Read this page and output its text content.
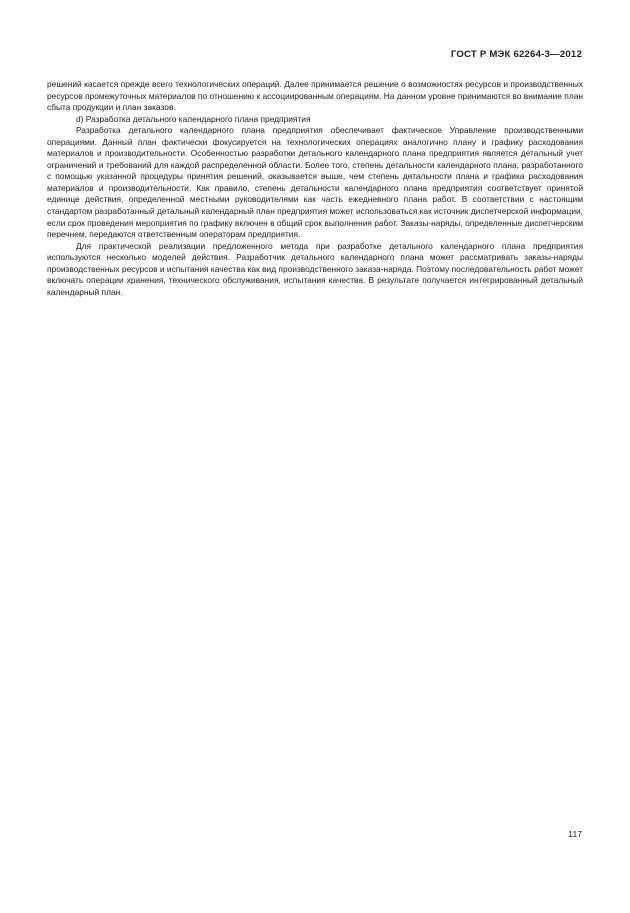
ГОСТ Р МЭК 62264-3—2012

решений касается прежде всего технологических операций. Далее принимается решение о возможностях ресурсов и производственных ресурсов промежуточных материалов по отношению к ассоциированным операциям. На данном уровне принимаются во внимание план сбыта продукции и план заказов.

d) Разработка детального календарного плана предприятия

Разработка детального календарного плана предприятия обеспечивает фактическое Управление производственными операциями. Данный план фактически фокусируется на технологических операциях аналогично плану и графику расходования материалов и производительности. Особенностью разработки детального календарного плана предприятия является детальный учет ограничений и требований для каждой распределенной области. Более того, степень детальности календарного плана, разработанного с помощью указанной процедуры принятия решений, оказывается выше, чем степень детальности плана и графика расходования материалов и производительности. Как правило, степень детальности календарного плана предприятия соответствует принятой единице действия, определенной местными руководителями как часть ежедневного плана работ. В соответствии с настоящим стандартом разработанный детальный календарный план предприятия может использоваться как источник диспетчерской информации, если срок проведения мероприятия по графику включен в общий срок выполнения работ. Заказы-наряды, определенные диспетчерским перечнем, передаются ответственным операторам предприятия.

Для практической реализации предложенного метода при разработке детального календарного плана предприятия используются несколько моделей действия. Разработчик детального календарного плана может рассматривать заказы-наряды производственных ресурсов и испытания качества как вид производственного заказа-наряда. Поэтому последовательность работ может включать операции хранения, технического обслуживания, испытания качества. В результате получается интегрированный детальный календарный план.

117
